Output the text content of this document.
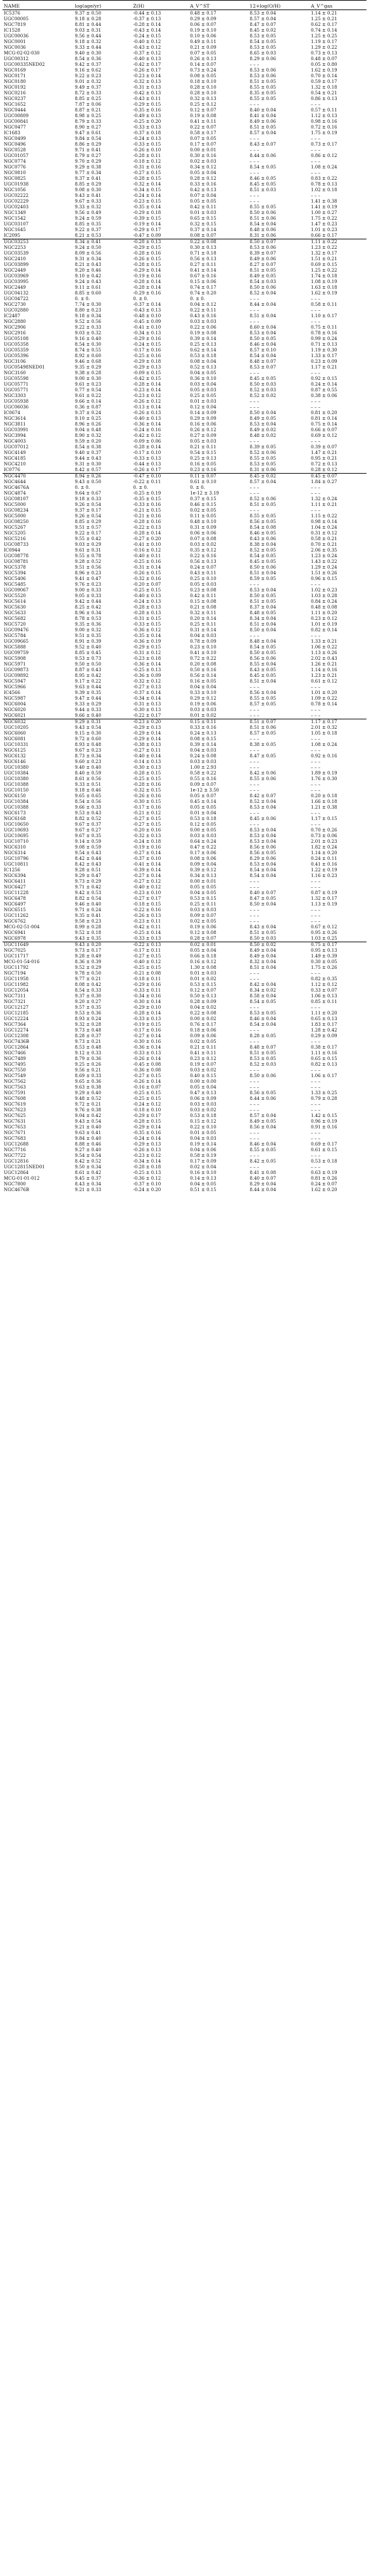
NAME	log(age/yr)	Z(H)	A_V^ST	12+log(O/H)	A_V^gas

IC5376	9.37 ± 0.50	-0.44 ± 0.13	0.48 ± 0.17	8.53 ± 0.04	1.14 ± 0.21
UGC00005	9.18 ± 0.28	-0.37 ± 0.13	0.29 ± 0.09	8.57 ± 0.04	1.25 ± 0.21
NGC7819	8.81 ± 0.44	-0.28 ± 0.14	0.06 ± 0.07	8.47 ± 0.07	0.62 ± 0.17
IC1528	9.03 ± 0.31	-0.43 ± 0.14	0.19 ± 0.10	8.45 ± 0.02	0.74 ± 0.14
UGC00036	9.56 ± 0.44	-0.24 ± 0.15	0.10 ± 0.06	8.53 ± 0.05	1.25 ± 0.25
NGC0001	9.18 ± 0.32	-0.40 ± 0.12	0.49 ± 0.11	8.54 ± 0.05	1.19 ± 0.17
NGC0036	9.33 ± 0.44	-0.43 ± 0.12	0.21 ± 0.09	8.53 ± 0.05	1.29 ± 0.22
MCG-02-02-030	9.40 ± 0.30	-0.37 ± 0.12	0.07 ± 0.05	8.65 ± 0.03	0.73 ± 0.13
UGC00312	8.54 ± 0.36	-0.40 ± 0.13	0.26 ± 0.13	8.29 ± 0.06	0.48 ± 0.07
UGC00335NED02	9.42 ± 0.37	-0.42 ± 0.17	0.14 ± 0.07	– – –	0.05 ± 0.80
NGC0169	9.16 ± 0.62	-0.26 ± 0.17	0.73 ± 0.24	8.53 ± 0.06	1.62 ± 0.19
NGC0171	9.22 ± 0.23	-0.23 ± 0.14	0.08 ± 0.05	8.53 ± 0.06	0.70 ± 0.14
NGC0180	9.01 ± 0.32	-0.32 ± 0.13	0.18 ± 0.10	8.51 ± 0.05	0.59 ± 0.17
NGC0192	9.49 ± 0.37	-0.31 ± 0.13	0.28 ± 0.10	8.55 ± 0.05	1.32 ± 0.18
NGC0216	8.72 ± 0.33	-0.42 ± 0.13	0.28 ± 0.10	8.35 ± 0.05	0.54 ± 0.21
NGC0237	8.85 ± 0.25	-0.43 ± 0.11	0.32 ± 0.13	8.55 ± 0.05	0.86 ± 0.13
NGC1652	7.87 ± 0.06	-0.29 ± 0.15	0.25 ± 0.12	– – –	– – –
NGC0444	8.87 ± 0.21	-0.35 ± 0.16	0.12 ± 0.07	8.40 ± 0.04	0.57 ± 0.11
UGC00809	8.98 ± 0.25	-0.49 ± 0.13	0.19 ± 0.08	8.41 ± 0.04	1.12 ± 0.13
UGC00841	8.79 ± 0.33	-0.25 ± 0.20	0.41 ± 0.11	8.49 ± 0.06	0.98 ± 0.16
NGC0477	8.90 ± 0.27	-0.33 ± 0.13	0.22 ± 0.07	8.51 ± 0.05	0.72 ± 0.16
IC1683	9.47 ± 0.61	-0.37 ± 0.18	0.58 ± 0.17	8.57 ± 0.04	1.75 ± 0.19
NGC0499	9.84 ± 0.54	-0.24 ± 0.13	0.07 ± 0.05	– – –	– – –
NGC0496	8.86 ± 0.29	-0.33 ± 0.15	0.17 ± 0.07	8.43 ± 0.07	0.73 ± 0.17
NGC0528	9.71 ± 0.41	-0.26 ± 0.10	0.00 ± 0.01	– – –	– – –
UGC01057	8.79 ± 0.27	-0.28 ± 0.11	0.30 ± 0.16	8.44 ± 0.06	0.86 ± 0.12
NGC0774	9.70 ± 0.29	-0.18 ± 0.12	0.02 ± 0.03	– – –	– – –
NGC0776	9.29 ± 0.38	-0.31 ± 0.16	0.34 ± 0.12	8.54 ± 0.05	1.08 ± 0.24
NGC0810	9.77 ± 0.34	-0.27 ± 0.15	0.05 ± 0.04	– – –	– – –
NGC0825	9.37 ± 0.41	-0.28 ± 0.15	0.28 ± 0.12	8.46 ± 0.05	0.83 ± 0.22
UGC01938	8.85 ± 0.29	-0.32 ± 0.14	0.33 ± 0.16	8.45 ± 0.05	0.78 ± 0.13
NGC1056	9.08 ± 0.30	-0.34 ± 0.15	0.42 ± 0.13	8.51 ± 0.03	1.02 ± 0.18
UGC02222	9.43 ± 0.41	-0.24 ± 0.14	0.07 ± 0.04	– – –	– – –
UGC02229	9.67 ± 0.33	-0.23 ± 0.15	0.05 ± 0.05	– – –	1.41 ± 0.38
UGC02403	9.33 ± 0.32	-0.35 ± 0.14	0.42 ± 0.11	8.55 ± 0.05	1.41 ± 0.19
NGC1349	9.56 ± 0.49	-0.29 ± 0.18	0.01 ± 0.03	8.50 ± 0.06	1.00 ± 0.27
NGC1542	9.24 ± 0.59	-0.39 ± 0.15	0.65 ± 0.15	8.51 ± 0.06	1.75 ± 0.22
UGC03107	8.85 ± 0.35	-0.19 ± 0.14	0.32 ± 0.15	8.54 ± 0.04	1.47 ± 0.23
NGC1645	9.22 ± 0.37	-0.29 ± 0.17	0.37 ± 0.14	8.48 ± 0.06	1.01 ± 0.23
IC2095	8.21 ± 0.53	-0.47 ± 0.09	0.08 ± 0.07	8.31 ± 0.06	0.66 ± 0.17
UGC03253	8.34 ± 0.41	-0.28 ± 0.13	0.22 ± 0.08	8.50 ± 0.07	1.11 ± 0.22
NGC2253	9.24 ± 0.50	-0.29 ± 0.15	0.30 ± 0.13	8.53 ± 0.06	1.23 ± 0.22
UGC03539	8.09 ± 0.56	-0.28 ± 0.16	0.71 ± 0.18	8.39 ± 0.07	1.32 ± 0.17
NGC2410	9.31 ± 0.34	-0.26 ± 0.15	0.56 ± 0.13	8.49 ± 0.06	1.51 ± 0.21
UGC03899	8.21 ± 0.43	-0.28 ± 0.15	0.27 ± 0.11	8.27 ± 0.07	0.69 ± 0.15
NGC2449	9.20 ± 0.46	-0.29 ± 0.14	0.41 ± 0.14	8.51 ± 0.05	1.25 ± 0.22
UGC03969	9.10 ± 0.42	-0.19 ± 0.16	0.67 ± 0.16	8.49 ± 0.05	1.74 ± 0.18
UGC03995	9.24 ± 0.43	-0.28 ± 0.14	0.15 ± 0.06	8.54 ± 0.03	1.08 ± 0.19
NGC2449	9.11 ± 0.61	-0.28 ± 0.14	0.74 ± 0.17	8.50 ± 0.06	1.63 ± 0.18
UGC04132	8.85 ± 0.60	-0.29 ± 0.16	0.74 ± 0.20	8.52 ± 0.04	1.62 ± 0.19
UGC04722	0. ± 0.	0. ± 0.	0. ± 0.	– – –	– – –
NGC2730	7.74 ± 0.30	-0.37 ± 0.14	0.04 ± 0.12	8.44 ± 0.04	0.58 ± 0.11
UGC02880	8.80 ± 0.23	-0.43 ± 0.13	0.22 ± 0.11	– – –	– – –
IC2487	9.18 ± 0.34	-0.48 ± 0.10	0.43 ± 0.16	8.51 ± 0.04	1.10 ± 0.17
NGC2880	9.52 ± 0.56	-0.45 ± 0.09	0.03 ± 0.03	– – –	– – –
NGC2906	9.22 ± 0.33	-0.41 ± 0.10	0.22 ± 0.06	8.60 ± 0.04	0.75 ± 0.11
NGC2916	9.03 ± 0.32	-0.34 ± 0.13	0.19 ± 0.08	8.53 ± 0.04	0.78 ± 0.16
UGC05108	9.16 ± 0.40	-0.29 ± 0.16	0.39 ± 0.14	8.50 ± 0.05	0.99 ± 0.24
UGC05358	8.54 ± 0.30	-0.24 ± 0.15	0.25 ± 0.13	8.46 ± 0.04	0.71 ± 0.13
UGC05359	8.74 ± 0.55	-0.17 ± 0.16	0.62 ± 0.14	8.57 ± 0.10	1.19 ± 0.30
UGC05396	8.92 ± 0.60	-0.25 ± 0.16	0.53 ± 0.18	8.54 ± 0.04	1.33 ± 0.17
NGC3106	9.46 ± 0.68	-0.29 ± 0.18	0.08 ± 0.04	8.48 ± 0.07	0.23 ± 0.09
UGC05498NED01	9.35 ± 0.29	-0.29 ± 0.13	0.52 ± 0.13	8.53 ± 0.07	1.17 ± 0.21
NGC3160	9.38 ± 0.28	-0.09 ± 0.15	0.04 ± 0.05	– – –	– – –
UGC05598	9.00 ± 0.30	-0.42 ± 0.15	0.36 ± 0.10	8.45 ± 0.05	0.92 ± 0.15
UGC05771	9.61 ± 0.23	-0.28 ± 0.14	0.03 ± 0.04	8.50 ± 0.03	0.24 ± 0.14
UGC05771	0.77 ± 0.54	-0.23 ± 0.14	0.05 ± 0.03	8.52 ± 0.03	0.87 ± 0.55
NGC3303	9.61 ± 0.22	-0.23 ± 0.12	0.25 ± 0.05	8.52 ± 0.02	0.38 ± 0.06
UGC05938	9.66 ± 0.14	-0.26 ± 0.12	0.01 ± 0.03	– – –	– – –
UGC06036	0.36 ± 0.87	-0.13 ± 0.14	0.12 ± 0.04	– – –	– – –
IC0674	9.37 ± 0.24	-0.26 ± 0.13	0.14 ± 0.09	8.50 ± 0.04	0.81 ± 0.20
NGC3614	9.10 ± 0.25	-0.40 ± 0.13	0.29 ± 0.09	8.49 ± 0.05	0.81 ± 0.14
NGC3811	8.96 ± 0.26	-0.36 ± 0.14	0.16 ± 0.06	8.53 ± 0.04	0.75 ± 0.14
UGC03991	9.04 ± 0.48	-0.24 ± 0.16	0.26 ± 0.12	8.49 ± 0.02	0.66 ± 0.07
NGC3994	8.90 ± 0.32	-0.42 ± 0.12	0.27 ± 0.09	8.48 ± 0.02	0.69 ± 0.12
NGC4003	9.59 ± 0.20	-0.09 ± 0.06	0.05 ± 0.03	– – –	– – –
UGC07012	8.54 ± 0.38	-0.28 ± 0.14	0.21 ± 0.11	8.39 ± 0.05	0.39 ± 0.07
NGC4149	9.40 ± 0.37	-0.17 ± 0.10	0.54 ± 0.15	8.52 ± 0.06	1.47 ± 0.21
NGC4185	9.44 ± 0.43	-0.33 ± 0.13	0.25 ± 0.13	8.55 ± 0.05	0.95 ± 0.21
NGC4210	9.31 ± 0.30	-0.44 ± 0.13	0.16 ± 0.05	8.53 ± 0.05	0.72 ± 0.13
IC0776	8.42 ± 0.57	-0.26 ± 0.17	0.23 ± 0.16	8.31 ± 0.06	0.28 ± 0.12
NGC4470	8.94 ± 0.26	-0.47 ± 0.10	0.11 ± 0.07	8.45 ± 0.02	0.45 ± 0.07
NGC4644	9.43 ± 0.50	-0.22 ± 0.11	0.61 ± 0.10	8.57 ± 0.04	1.84 ± 0.27
NGC4676A	0. ± 0.	0. ± 0.	0. ± 0.	– – –	– – –
NGC4874	9.64 ± 0.67	-0.25 ± 0.19	1e-12 ± 3.19	– – –	– – –
UGC08107	9.18 ± 0.33	-0.35 ± 0.15	0.37 ± 0.15	8.52 ± 0.06	1.32 ± 0.24
NGC5000	9.26 ± 0.54	-0.33 ± 0.16	0.46 ± 0.15	8.51 ± 0.05	1.11 ± 0.21
UGC08234	9.37 ± 0.17	-0.21 ± 0.15	0.02 ± 0.05	– – –	– – –
NGC5000	9.26 ± 0.54	-0.21 ± 0.16	0.11 ± 0.05	8.55 ± 0.05	1.15 ± 0.22
UGC08250	8.85 ± 0.29	-0.28 ± 0.16	0.48 ± 0.10	8.56 ± 0.05	0.98 ± 0.14
NGC5267	9.51 ± 0.57	-0.22 ± 0.13	0.31 ± 0.09	8.54 ± 0.08	1.04 ± 0.24
NGC5205	9.22 ± 0.17	-0.28 ± 0.14	0.06 ± 0.06	8.46 ± 0.05	0.31 ± 0.12
NGC5216	9.55 ± 0.42	-0.27 ± 0.20	0.07 ± 0.08	8.43 ± 0.06	0.58 ± 0.21
UGC08733	9.03 ± 0.29	-0.41 ± 0.10	0.03 ± 0.02	8.38 ± 0.04	0.70 ± 0.21
IC0944	9.61 ± 0.31	-0.16 ± 0.12	0.35 ± 0.12	8.52 ± 0.05	2.06 ± 0.35
UGC08778	9.55 ± 0.78	-0.40 ± 0.11	0.22 ± 0.16	8.54 ± 0.05	1.23 ± 0.24
UGC08781	9.28 ± 0.52	-0.25 ± 0.16	0.56 ± 0.13	8.45 ± 0.05	1.43 ± 0.22
NGC5378	9.51 ± 0.56	-0.31 ± 0.14	0.24 ± 0.07	8.50 ± 0.06	1.29 ± 0.24
NGC5394	8.96 ± 0.23	-0.26 ± 0.15	0.43 ± 0.11	8.51 ± 0.04	1.51 ± 0.26
NGC5406	9.41 ± 0.47	-0.32 ± 0.16	0.25 ± 0.10	8.59 ± 0.05	0.96 ± 0.15
NGC5485	9.76 ± 0.23	-0.20 ± 0.07	0.05 ± 0.03	– – –	– – –
UGC09067	9.00 ± 0.33	-0.25 ± 0.15	0.23 ± 0.08	8.53 ± 0.04	1.02 ± 0.23
NGC5520	9.05 ± 0.33	-0.40 ± 0.13	0.42 ± 0.11	8.50 ± 0.05	1.03 ± 0.28
NGC5614	9.42 ± 0.44	-0.24 ± 0.13	0.15 ± 0.08	8.51 ± 0.05	0.84 ± 0.24
NGC5630	8.25 ± 0.42	-0.28 ± 0.13	0.21 ± 0.08	8.37 ± 0.04	0.48 ± 0.08
NGC5633	8.96 ± 0.34	-0.28 ± 0.13	0.32 ± 0.11	8.48 ± 0.05	1.11 ± 0.20
NGC5682	8.78 ± 0.53	-0.31 ± 0.15	0.20 ± 0.14	8.34 ± 0.04	0.23 ± 0.12
NGC5720	9.35 ± 0.36	-0.33 ± 0.15	0.25 ± 0.11	8.51 ± 0.04	1.01 ± 0.19
UGC09476	9.00 ± 0.32	-0.36 ± 0.12	0.31 ± 0.14	8.50 ± 0.04	0.82 ± 0.14
NGC5784	9.51 ± 0.35	-0.35 ± 0.14	0.04 ± 0.03	– – –	– – –
UGC09665	8.91 ± 0.39	-0.36 ± 0.19	0.78 ± 0.09	8.48 ± 0.04	1.33 ± 0.21
NGC5888	9.52 ± 0.40	-0.29 ± 0.15	0.23 ± 0.10	8.54 ± 0.05	1.06 ± 0.22
UGC09759	8.85 ± 0.45	-0.31 ± 0.12	0.41 ± 0.10	8.50 ± 0.05	1.13 ± 0.26
NGC5908	9.53 ± 0.73	-0.23 ± 0.18	0.72 ± 0.22	8.56 ± 0.06	2.02 ± 0.43
NGC5971	9.50 ± 0.50	-0.36 ± 0.14	0.20 ± 0.08	8.55 ± 0.04	1.26 ± 0.21
UGC09873	8.87 ± 0.43	-0.25 ± 0.13	0.50 ± 0.16	8.43 ± 0.05	1.14 ± 0.16
UGC09892	8.95 ± 0.42	-0.36 ± 0.09	0.56 ± 0.14	8.45 ± 0.05	1.23 ± 0.21
NGC5947	9.17 ± 0.22	-0.32 ± 0.12	0.16 ± 0.05	8.51 ± 0.04	0.61 ± 0.12
NGC5966	9.63 ± 0.44	-0.27 ± 0.13	0.04 ± 0.04	– – –	– – –
IC4566	9.39 ± 0.35	-0.37 ± 0.14	0.33 ± 0.10	8.56 ± 0.04	1.01 ± 0.20
NGC5987	9.47 ± 0.44	-0.34 ± 0.14	0.29 ± 0.12	8.55 ± 0.05	1.09 ± 0.22
NGC6004	9.33 ± 0.29	-0.31 ± 0.13	0.19 ± 0.06	8.57 ± 0.05	0.78 ± 0.14
NGC6020	9.44 ± 0.33	-0.30 ± 0.13	0.03 ± 0.03	– – –	– – –
NGC6021	9.66 ± 0.40	-0.22 ± 0.17	0.01 ± 0.02	– – –	– – –
NGC6032	9.29 ± 0.31	-0.23 ± 0.20	0.15 ± 0.11	8.51 ± 0.07	1.17 ± 0.17
UGC10205	9.43 ± 0.54	-0.29 ± 0.13	0.33 ± 0.16	8.51 ± 0.06	2.01 ± 0.32
NGC6060	9.15 ± 0.30	-0.29 ± 0.14	0.24 ± 0.13	8.57 ± 0.05	1.05 ± 0.18
NGC6081	9.72 ± 0.60	-0.29 ± 0.14	0.08 ± 0.15	– – –	– – –
UGC10331	8.93 ± 0.48	-0.38 ± 0.13	0.39 ± 0.14	8.38 ± 0.05	1.08 ± 0.24
NGC6125	9.67 ± 0.23	-0.27 ± 0.11	0.04 ± 0.03	– – –	– – –
NGC6132	8.73 ± 0.34	-0.40 ± 0.14	0.24 ± 0.08	8.47 ± 0.05	0.92 ± 0.16
NGC6146	9.60 ± 0.23	-0.14 ± 0.13	0.03 ± 0.03	– – –	– – –
UGC10380	9.40 ± 0.40	-0.30 ± 0.13	1.00 ± 2.93	– – –	– – –
UGC10384	8.40 ± 0.59	-0.28 ± 0.15	0.58 ± 0.22	8.42 ± 0.06	1.89 ± 0.19
UGC10380	8.61 ± 0.56	-0.25 ± 0.15	0.55 ± 0.16	8.55 ± 0.06	1.76 ± 0.30
UGC10388	9.33 ± 0.51	-0.28 ± 0.16	0.09 ± 0.07	– – –	– – –
UGC10150	9.18 ± 0.46	-0.32 ± 0.15	1e-12 ± 3.50	– – –	– – –
NGC6150	9.65 ± 0.65	-0.26 ± 0.16	0.05 ± 0.07	8.42 ± 0.07	0.20 ± 0.18
UGC10384	8.54 ± 0.56	-0.30 ± 0.15	0.45 ± 0.14	8.52 ± 0.04	1.66 ± 0.18
UGC10388	9.66 ± 0.33	-0.17 ± 0.16	0.05 ± 0.05	8.53 ± 0.04	1.21 ± 0.38
NGC6173	9.53 ± 0.43	-0.21 ± 0.12	0.01 ± 0.04	– – –	– – –
NGC6168	8.82 ± 0.52	-0.27 ± 0.15	0.53 ± 0.18	8.45 ± 0.06	1.17 ± 0.15
UGC10650	9.67 ± 0.37	-0.27 ± 0.15	0.12 ± 0.05	– – –	– – –
UGC10693	9.67 ± 0.27	-0.20 ± 0.16	0.00 ± 0.05	8.53 ± 0.04	0.70 ± 0.26
UGC10695	9.67 ± 0.35	-0.32 ± 0.13	0.03 ± 0.03	8.53 ± 0.04	0.73 ± 0.06
UGC10710	9.14 ± 0.59	-0.24 ± 0.18	0.64 ± 0.24	8.53 ± 0.04	2.01 ± 0.23
NGC6310	9.08 ± 0.59	-0.19 ± 0.16	0.47 ± 0.22	8.56 ± 0.06	1.82 ± 0.24
NGC6314	9.54 ± 0.43	-0.27 ± 0.14	0.17 ± 0.06	8.56 ± 0.05	1.14 ± 0.20
UGC10796	8.42 ± 0.44	-0.37 ± 0.10	0.08 ± 0.06	8.29 ± 0.06	0.24 ± 0.11
UGC10811	8.42 ± 0.43	-0.41 ± 0.14	0.09 ± 0.04	8.53 ± 0.04	0.41 ± 0.16
IC1256	9.28 ± 0.51	-0.39 ± 0.14	0.39 ± 0.12	8.54 ± 0.04	1.22 ± 0.19
NGC6394	9.29 ± 0.47	-0.27 ± 0.14	0.34 ± 0.13	8.54 ± 0.04	1.16 ± 0.23
NGC6411	9.73 ± 0.29	-0.27 ± 0.12	0.00 ± 0.01	– – –	– – –
NGC6427	9.71 ± 0.42	-0.40 ± 0.12	0.05 ± 0.05	– – –	– – –
UGC11228	9.42 ± 0.53	-0.23 ± 0.10	0.04 ± 0.05	8.40 ± 0.07	0.87 ± 0.19
NGC6478	8.82 ± 0.54	-0.27 ± 0.17	0.53 ± 0.15	8.47 ± 0.05	1.32 ± 0.17
NGC6497	9.46 ± 0.40	-0.18 ± 0.15	0.25 ± 0.11	8.50 ± 0.04	1.13 ± 0.19
NGC6515	9.71 ± 0.24	-0.22 ± 0.16	0.03 ± 0.03	– – –	– – –
UGC11262	9.35 ± 0.41	-0.26 ± 0.13	0.09 ± 0.07	– – –	– – –
NGC6762	9.58 ± 0.23	-0.23 ± 0.11	0.02 ± 0.05	– – –	– – –
MCG-02-51-004	8.99 ± 0.28	-0.42 ± 0.11	0.19 ± 0.06	8.43 ± 0.04	0.67 ± 0.12
NGC6941	9.52 ± 0.18	-0.25 ± 0.14	0.12 ± 0.08	8.51 ± 0.05	0.95 ± 0.26
NGC6978	9.43 ± 0.35	-0.33 ± 0.13	0.28 ± 0.07	8.50 ± 0.03	1.03 ± 0.25
UGC11649	9.43 ± 0.20	-0.22 ± 0.13	0.02 ± 0.01	8.50 ± 0.02	0.75 ± 0.17
NGC7025	9.73 ± 0.17	-0.17 ± 0.11	0.05 ± 0.04	8.49 ± 0.04	0.95 ± 0.13
UGC11717	9.28 ± 0.49	-0.27 ± 0.15	0.66 ± 0.18	8.49 ± 0.04	1.49 ± 0.39
MCG-01-54-016	8.36 ± 0.39	-0.40 ± 0.12	0.16 ± 0.12	8.32 ± 0.04	0.30 ± 0.05
UGC11792	9.52 ± 0.29	-0.25 ± 0.15	1.30 ± 0.08	8.51 ± 0.04	1.75 ± 0.26
NGC7194	9.78 ± 0.50	-0.21 ± 0.08	0.01 ± 0.03	– – –	– – –
UGC11958	9.77 ± 0.21	-0.18 ± 0.11	0.01 ± 0.02	– – –	0.82 ± 0.35
UGC11982	8.08 ± 0.42	-0.29 ± 0.16	0.53 ± 0.15	8.42 ± 0.04	1.12 ± 0.12
UGC12054	8.54 ± 0.33	-0.33 ± 0.11	0.12 ± 0.07	8.34 ± 0.02	0.33 ± 0.07
NGC7311	9.37 ± 0.30	-0.34 ± 0.16	0.50 ± 0.13	8.58 ± 0.04	1.06 ± 0.13
NGC7321	9.20 ± 0.27	-0.30 ± 0.14	0.28 ± 0.09	8.54 ± 0.05	0.85 ± 0.11
UGC12127	9.57 ± 0.35	-0.29 ± 0.10	0.04 ± 0.02	– – –	– – –
UGC12185	9.53 ± 0.36	-0.28 ± 0.14	0.22 ± 0.08	8.53 ± 0.05	1.11 ± 0.20
UGC12224	8.93 ± 0.24	-0.33 ± 0.13	0.00 ± 0.02	8.46 ± 0.04	0.65 ± 0.13
NGC7364	9.32 ± 0.28	-0.19 ± 0.15	0.76 ± 0.17	8.54 ± 0.04	1.83 ± 0.17
UGC12274	9.73 ± 0.48	-0.17 ± 0.16	0.18 ± 0.06	– – –	1.28 ± 0.42
UGC12308	8.28 ± 0.37	-0.27 ± 0.14	0.09 ± 0.06	8.28 ± 0.05	0.29 ± 0.09
NGC7436B	9.73 ± 0.21	-0.30 ± 0.16	0.02 ± 0.05	– – –	– – –
UGC12864	8.53 ± 0.48	-0.36 ± 0.14	0.21 ± 0.11	8.48 ± 0.07	0.38 ± 0.17
NGC7466	9.12 ± 0.33	-0.33 ± 0.13	0.41 ± 0.11	8.51 ± 0.05	1.11 ± 0.16
NGC7489	8.79 ± 0.36	-0.26 ± 0.14	0.23 ± 0.12	8.53 ± 0.05	0.65 ± 0.15
NGC7495	9.25 ± 0.26	-0.45 ± 0.08	0.19 ± 0.07	8.52 ± 0.03	0.82 ± 0.13
NGC7550	9.56 ± 0.21	-0.36 ± 0.08	0.03 ± 0.02	– – –	– – –
NGC7549	8.69 ± 0.33	-0.27 ± 0.15	0.40 ± 0.15	8.50 ± 0.06	1.06 ± 0.17
NGC7562	9.65 ± 0.36	-0.26 ± 0.14	0.00 ± 0.00	– – –	– – –
NGC7563	9.63 ± 0.38	-0.16 ± 0.07	0.05 ± 0.04	– – –	– – –
NGC7591	9.29 ± 0.40	-0.25 ± 0.15	0.47 ± 0.13	8.56 ± 0.05	1.33 ± 0.25
NGC7608	9.48 ± 0.52	-0.25 ± 0.15	0.06 ± 0.09	8.44 ± 0.06	0.79 ± 0.28
NGC7619	9.72 ± 0.21	-0.24 ± 0.12	0.03 ± 0.03	– – –	– – –
NGC7623	9.76 ± 0.38	-0.18 ± 0.10	0.03 ± 0.02	– – –	– – –
NGC7625	9.04 ± 0.42	-0.29 ± 0.17	0.53 ± 0.18	8.57 ± 0.04	1.42 ± 0.15
NGC7631	9.43 ± 0.54	-0.28 ± 0.15	0.15 ± 0.12	8.49 ± 0.05	0.96 ± 0.19
NGC7653	9.21 ± 0.40	-0.29 ± 0.14	0.22 ± 0.10	8.56 ± 0.04	0.91 ± 0.16
NGC7671	9.63 ± 0.41	-0.35 ± 0.16	0.01 ± 0.05	– – –	– – –
NGC7683	9.84 ± 0.40	-0.24 ± 0.14	0.04 ± 0.03	– – –	– – –
UGC12688	8.88 ± 0.46	-0.29 ± 0.13	0.19 ± 0.14	8.46 ± 0.04	0.69 ± 0.17
NGC7716	9.27 ± 0.40	-0.26 ± 0.13	0.04 ± 0.06	8.55 ± 0.05	0.61 ± 0.15
NGC7722	9.54 ± 0.54	-0.23 ± 0.12	0.58 ± 0.19	– – –	– – –
UGC12816	8.42 ± 0.52	-0.34 ± 0.14	0.17 ± 0.09	8.42 ± 0.05	0.53 ± 0.18
UGC12815NED01	9.50 ± 0.34	-0.28 ± 0.18	0.02 ± 0.04	– – –	– – –
UGC12864	8.61 ± 0.42	-0.25 ± 0.13	0.16 ± 0.10	8.41 ± 0.08	0.63 ± 0.19
MCG-01-01-012	9.45 ± 0.37	-0.36 ± 0.12	0.14 ± 0.13	8.40 ± 0.07	0.81 ± 0.26
NGC7800	8.43 ± 0.34	-0.37 ± 0.10	0.04 ± 0.05	8.29 ± 0.04	0.24 ± 0.07
NGC4676B	9.21 ± 0.33	-0.24 ± 0.20	0.51 ± 0.15	8.44 ± 0.04	1.62 ± 0.20
